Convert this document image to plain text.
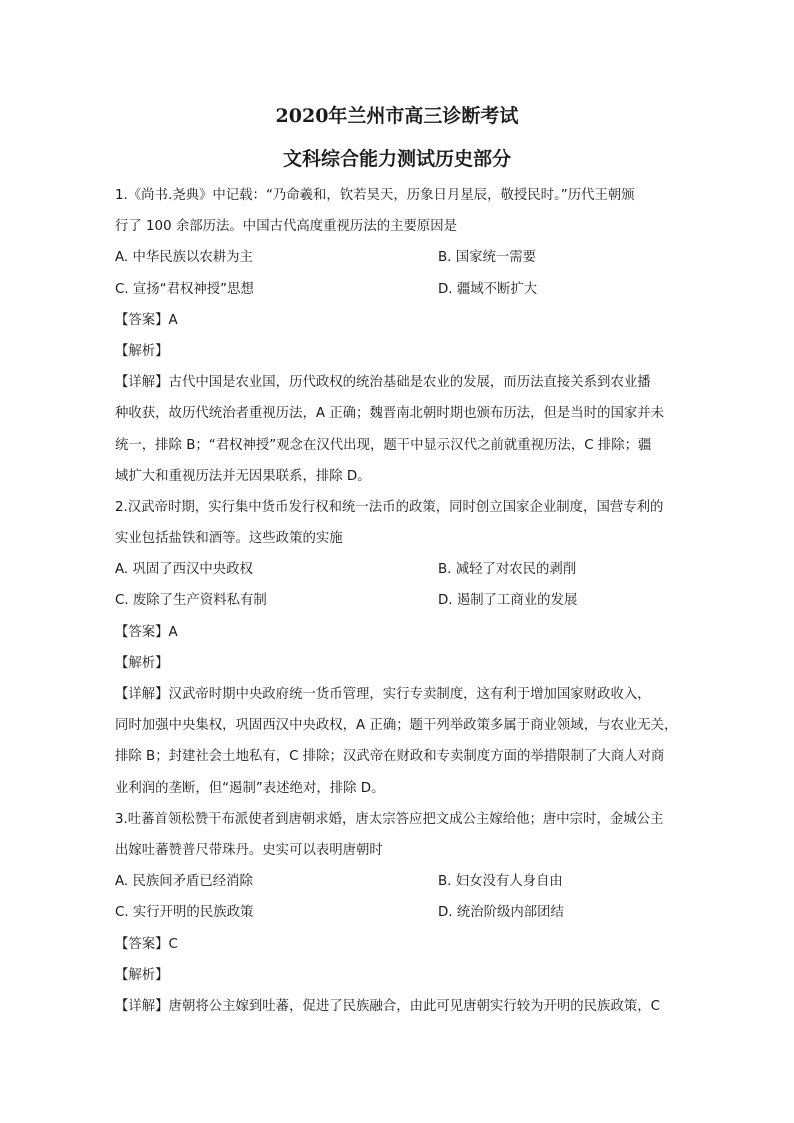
2020年兰州市高三诊断考试
文科综合能力测试历史部分
1.《尚书.尧典》中记载：“乃命羲和，钦若昊天，历象日月星辰，敬授民时。”历代王朝颁
行了 100 余部历法。中国古代高度重视历法的主要原因是
A. 中华民族以农耕为主	B. 国家统一需要
C. 宣扬“君权神授”思想	D. 疆域不断扩大
【答案】A
【解析】
【详解】古代中国是农业国，历代政权的统治基础是农业的发展，而历法直接关系到农业播
种收获，故历代统治者重视历法，A 正确；魏晋南北朝时期也颁布历法，但是当时的国家并未
统一，排除 B；“君权神授”观念在汉代出现，题干中显示汉代之前就重视历法，C 排除；疆
域扩大和重视历法并无因果联系，排除 D。
2.汉武帝时期，实行集中货币发行权和统一法币的政策，同时创立国家企业制度，国营专利的
实业包括盐铁和酒等。这些政策的实施
A. 巩固了西汉中央政权	B. 减轻了对农民的剥削
C. 废除了生产资料私有制	D. 遏制了工商业的发展
【答案】A
【解析】
【详解】汉武帝时期中央政府统一货币管理，实行专卖制度，这有利于增加国家财政收入，
同时加强中央集权，巩固西汉中央政权，A 正确；题干列举政策多属于商业领域，与农业无关，
排除 B；封建社会土地私有，C 排除；汉武帝在财政和专卖制度方面的举措限制了大商人对商
业利润的垄断，但“遏制”表述绝对，排除 D。
3.吐蕃首领松赞干布派使者到唐朝求婚，唐太宗答应把文成公主嫁给他；唐中宗时，金城公主
出嫁吐蕃赞普尺带珠丹。史实可以表明唐朝时
A. 民族间矛盾已经消除	B. 妇女没有人身自由
C. 实行开明的民族政策	D. 统治阶级内部团结
【答案】C
【解析】
【详解】唐朝将公主嫁到吐蕃，促进了民族融合，由此可见唐朝实行较为开明的民族政策，C
